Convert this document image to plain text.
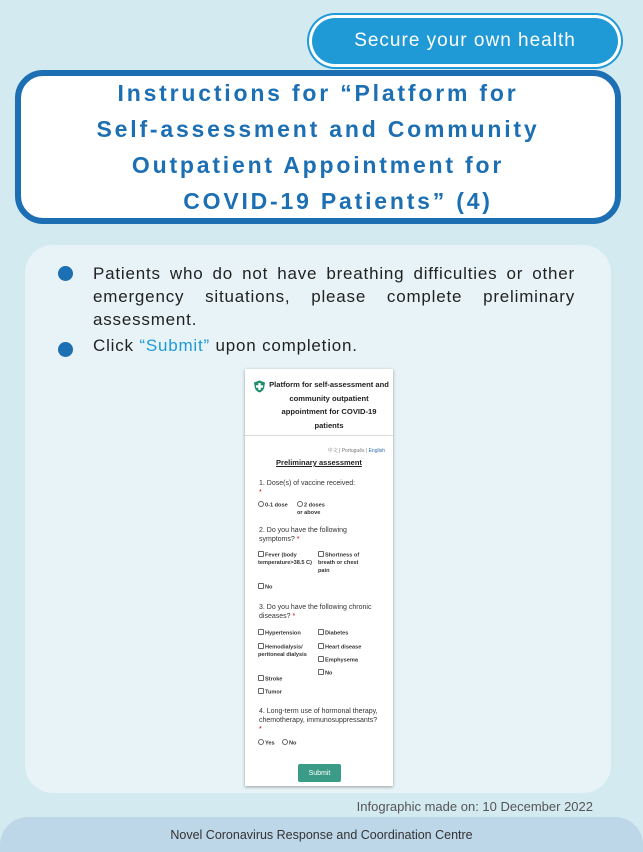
Secure your own health
Instructions for “Platform for
Self-assessment and Community
Outpatient Appointment for
COVID-19 Patients” (4)
Patients who do not have breathing difficulties or other emergency situations, please complete preliminary assessment.
Click “Submit” upon completion.
Platform for self-assessment and community outpatient appointment for COVID-19 patients
中文 | Português | English
Preliminary assessment
1. Dose(s) of vaccine received:
*
0-1 dose	2 doses or above
2. Do you have the following symptoms? *
Fever (body temperature>38.5 C)
Shortness of breath or chest pain
No
3. Do you have the following chronic diseases? *
Hypertension	Diabetes
Hemodialysis/ peritoneal dialysis
Heart disease
Emphysema
No
Stroke
Tumor
4. Long-term use of hormonal therapy, chemotherapy, immunosuppressants? *
Yes	No
Submit
Infographic made on: 10 December 2022
Novel Coronavirus Response and Coordination Centre
